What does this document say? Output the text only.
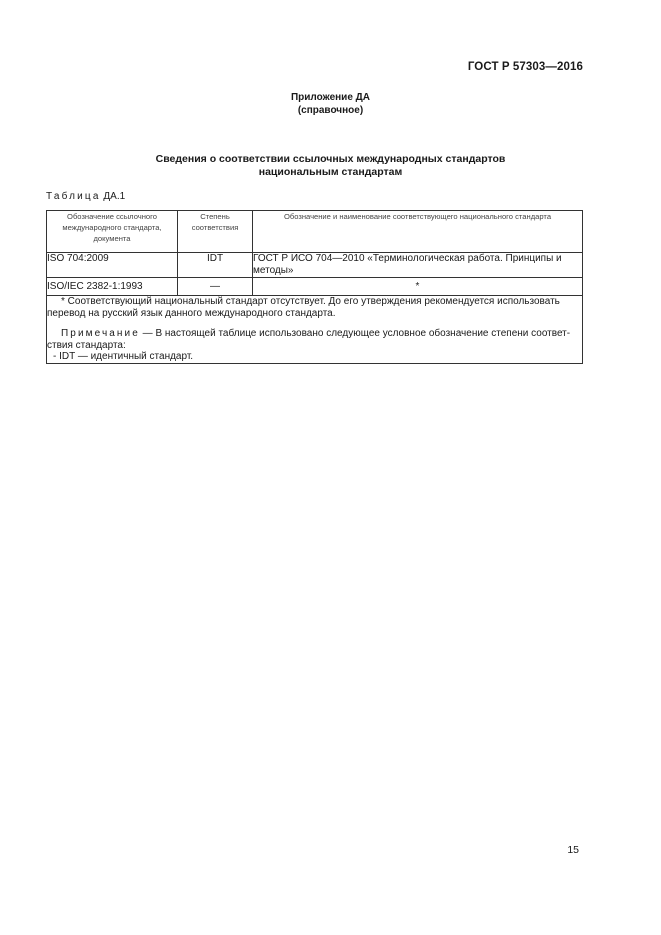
ГОСТ Р 57303—2016
Приложение ДА
(справочное)
Сведения о соответствии ссылочных международных стандартов
национальным стандартам
Таблица ДА.1
Обозначение ссылочного международного стандарта, документа	Степень соответствия	Обозначение и наименование соответствующего национального стандарта
ISO 704:2009	IDT	ГОСТ Р ИСО 704—2010 «Терминологическая работа. Принципы и методы»
ISO/IEC 2382-1:1993	—	*

* Соответствующий национальный стандарт отсутствует. До его утверждения рекомендуется использовать перевод на русский язык данного международного стандарта.
Примечание — В настоящей таблице использовано следующее условное обозначение степени соответ-ствия стандарта:
- IDT — идентичный стандарт.		
15
